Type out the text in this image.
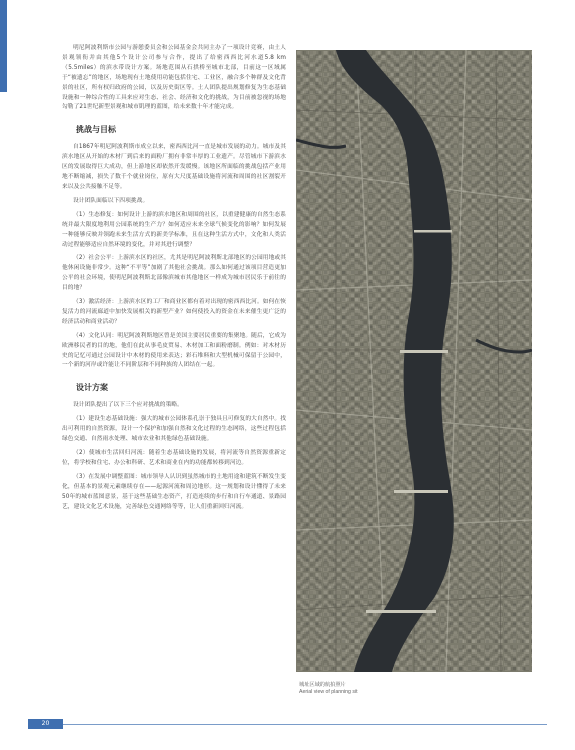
明尼阿波利斯市公园与游憩委员会和公园基金会共同主办了一项设计竞赛，由土人景观领衔并由其他5个设计公司参与合作，提出了给密西西比河水道5.8 km（5.5miles）的滨水带设计方案。场地范围从石拱桥至城市北部，目前这一区域属于“被遗忘”的地区，场地现有土地使用功能包括住宅、工业区，融合多个种群及文化背景的社区，所有权归政府的公园，以及历史街区等。土人团队提出规划修复为生态基础设施和一种综合性的工具来应对生态、社会、经济和文化的挑战，为目前被忽视的场地勾勒了21世纪新型景观和城市肌理的蓝图，给未来数十年才能完成。

挑战与目标

自1867年明尼阿波利斯市成立以来，密西西比河一直是城市发展的动力。城市及其滨水地区从开始的木材厂到后来的面粉厂拥有非常丰厚的工业遗产。尽管城市下游滨水区的发展取得巨大成功，但上游地区却依然开发缓慢。该地区所面临的挑战包括产业用地不断缩减，损失了数千个就业岗位，原有大尺度基础设施将河流和周围的社区割裂开来以及公共接触不足等。

设计团队面临以下四项挑战。

（1）生态修复：如何设计上游的滨水地区和周围的社区，以重建健康的自然生态系统并最大限度地利用公园系统的生产力？如何适应未来全球气候变化的影响？如何发展一种能够反映并领跑未来生活方式的新美学标准，且在这种生活方式中，文化和人类活动过程能够适应自然环境的变化，并对其进行调整？

（2）社会公平：上游滨水区的社区，尤其是明尼阿波利斯北部地区的公园用地或其他休闲设施非常少。这种“不平等”加剧了其他社会挑战。那么如何通过该项目营造更加公平的社会环境，使明尼阿波利斯北部像滨城市其他地区一样成为城市居民乐于前往的目的地？

（3）激活经济：上游滨水区的工厂和商业区都有着对出现的密西西比河。如何在恢复活力的河流廊道中加快发展相关的新型产业？如何使投入的资金在未来催生更广泛的经济活动和商业活动？

（4）文化认同：明尼阿波利斯地区曾是美国主要居民重要的集聚地。随后，它成为欧洲移民者的目的地，他们在此从事毛皮贸易、木材加工和面粉磨制。例如：对木材历史的记忆可通过公园设计中木材的使用来表达；彩石堆料和大型机械可保留于公园中，一个新的河岸或许能让不同阶层和不同种族的人团结在一起。

设计方案

设计团队提出了以下三个应对挑战的策略。

（1）建设生态基础设施：强大的城市公园体系孔崇于独具且可修复的大自然中。找出可利用的自然资源，设计一个保护和加强自然和文化过程的生态网络，这些过程包括绿色交通、自然雨水处理、城市农业和其他绿色基础设施。

（2）使城市生活回归河流：随着生态基础设施的发展，将河流等自然资源重新定位，将学校和住宅、办公和科研、艺术和商业在内的功能都转移到河边。

（3）在发展中调整蓝图：城市领导人认识到虽然城市的土地用途和建筑不断发生变化，但基本的景观元素继续存在——起源河流和周边地形。这一规划和设计懂得了未来50年的城市蓝图意景，基于这些基础生态资产，打造连续的步行和自行车通道、景路园艺，建设文化艺术设施，完善绿色交通网络等等，让人们重新回归河流。

城址区域的航拍照片
Aerial view of planning sit
20
